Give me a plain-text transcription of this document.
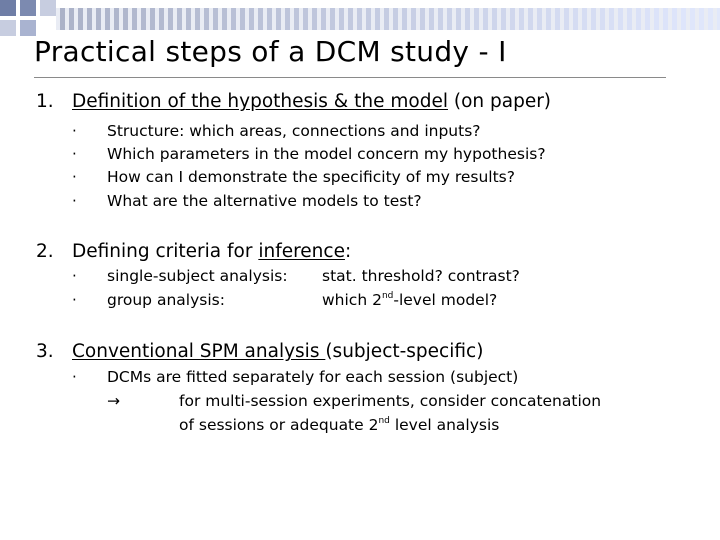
Practical steps of a DCM study - I
1. Definition of the hypothesis & the model (on paper)
· Structure: which areas, connections and inputs?
· Which parameters in the model concern my hypothesis?
· How can I demonstrate the specificity of my results?
· What are the alternative models to test?
2. Defining criteria for inference:
· single-subject analysis: stat. threshold? contrast?
· group analysis:	which 2nd-level model?
3. Conventional SPM analysis (subject-specific)
· DCMs are fitted separately for each session (subject)
→	for multi-session experiments, consider concatenation
of sessions or adequate 2nd level analysis
